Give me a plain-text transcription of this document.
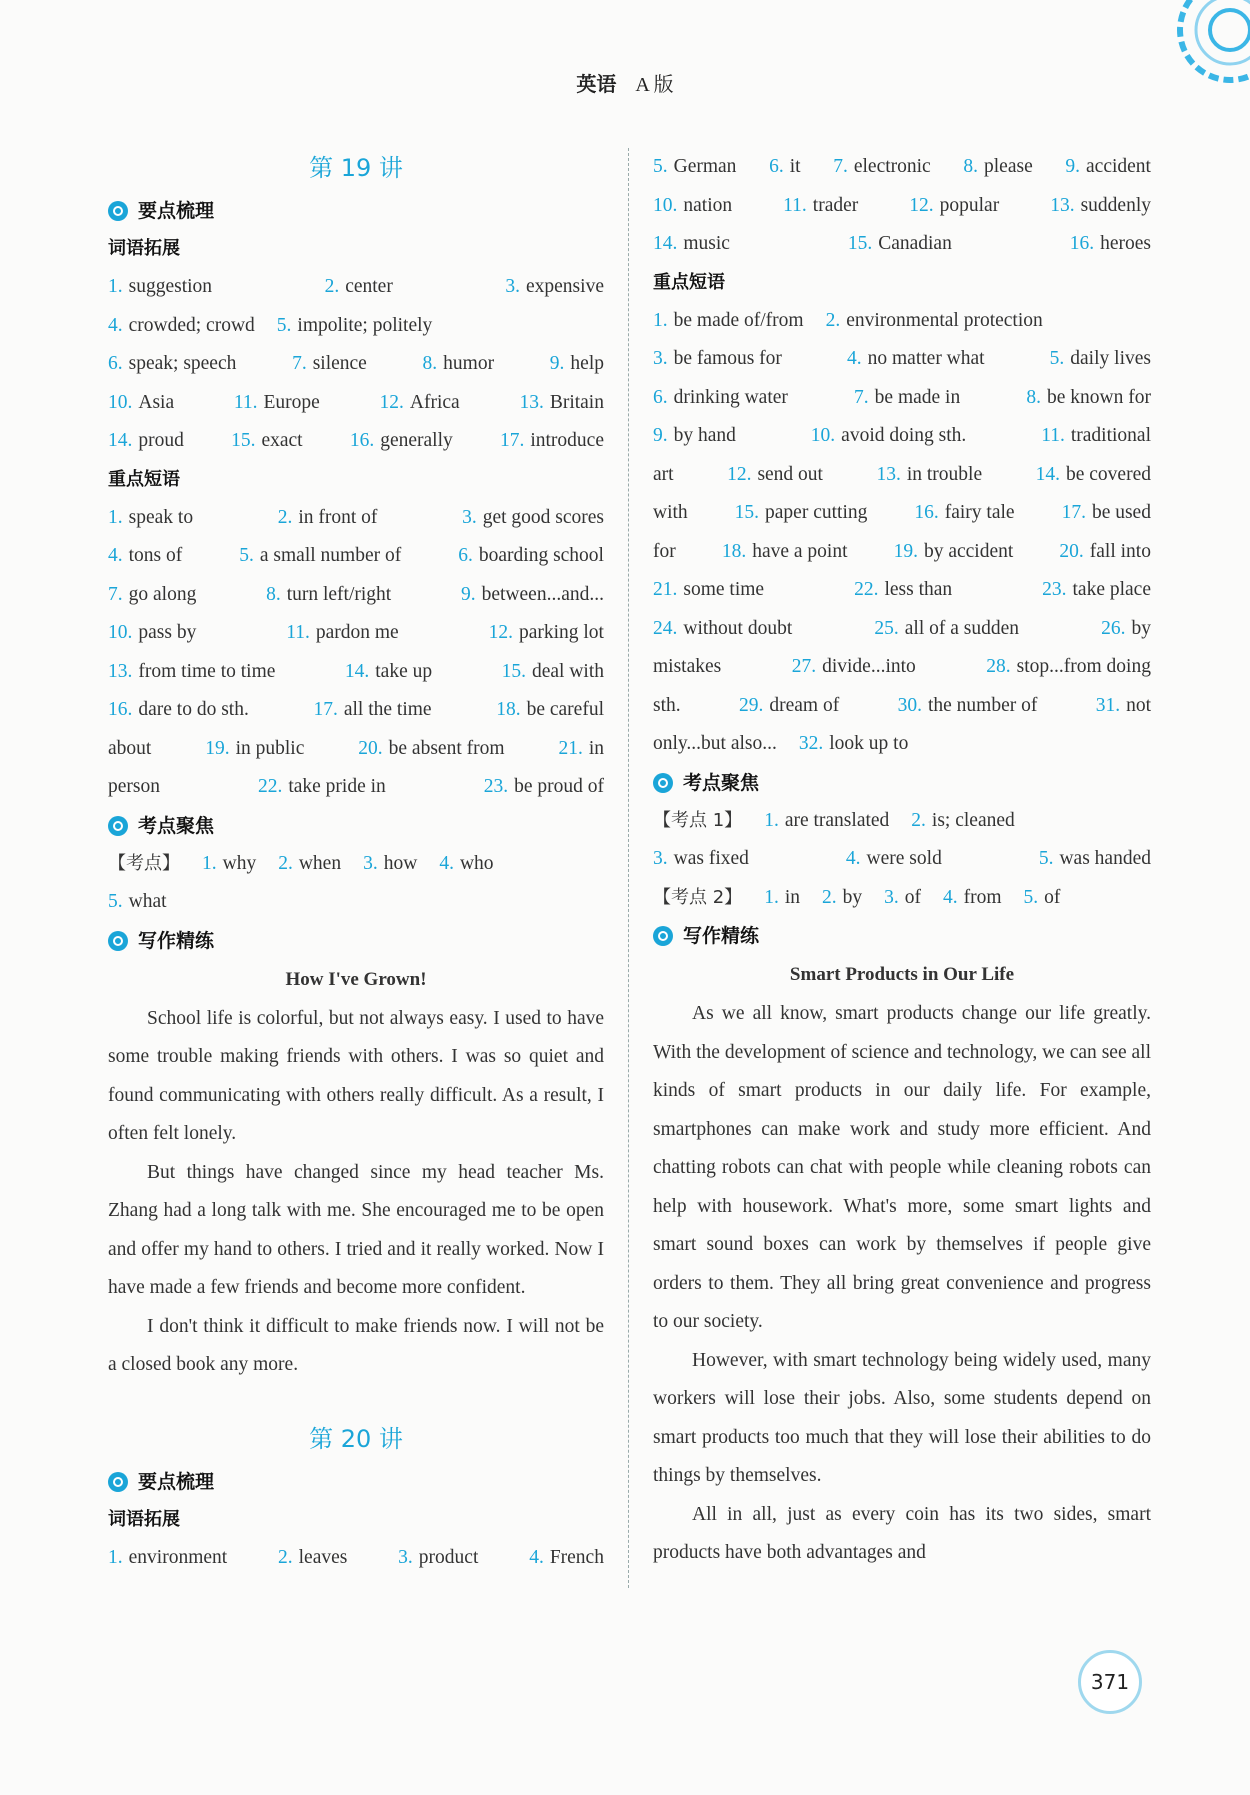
英语 A 版
第 19 讲
要点梳理
词语拓展
1. suggestion	2. center	3. expensive
4. crowded; crowd 5. impolite; politely
6. speak; speech	7. silence	8. humor	9. help
10. Asia	11. Europe	12. Africa	13. Britain
14. proud 15. exact 16. generally 17. introduce
重点短语
1. speak to	2. in front of	3. get good scores
4. tons of	5. a small number of	6. boarding school
7. go along	8. turn left/right	9. between...and...
10. pass by	11. pardon me	12. parking lot
13. from time to time	14. take up	15. deal with
16. dare to do sth.	17. all the time	18. be careful
about	19. in public	20. be absent from	21. in
person	22. take pride in	23. be proud of
考点聚焦
【考点】 1. why 2. when 3. how 4. who
5. what
写作精练
How I've Grown!

School life is colorful, but not always easy. I used to have some trouble making friends with others. I was so quiet and found communicating with others really difficult. As a result, I often felt lonely.

But things have changed since my head teacher Ms. Zhang had a long talk with me. She encouraged me to be open and offer my hand to others. I tried and it really worked. Now I have made a few friends and become more confident.

I don't think it difficult to make friends now. I will not be a closed book any more.

第 20 讲
要点梳理
词语拓展
1. environment	2. leaves	3. product	4. French
5. German 6. it 7. electronic 8. please 9. accident
10. nation	11. trader	12. popular	13. suddenly
14. music	15. Canadian	16. heroes
重点短语
1. be made of/from 2. environmental protection
3. be famous for	4. no matter what	5. daily lives
6. drinking water	7. be made in	8. be known for
9. by hand	10. avoid doing sth.	11. traditional
art	12. send out	13. in trouble	14. be covered
with 15. paper cutting 16. fairy tale 17. be used
for 18. have a point 19. by accident 20. fall into
21. some time	22. less than	23. take place
24. without doubt	25. all of a sudden	26. by
mistakes	27. divide...into	28. stop...from doing
sth.	29. dream of	30. the number of	31. not
only...but also... 32. look up to
考点聚焦
【考点 1】 1. are translated 2. is; cleaned
3. was fixed	4. were sold	5. was handed
【考点 2】 1. in 2. by 3. of 4. from 5. of
写作精练
Smart Products in Our Life

As we all know, smart products change our life greatly. With the development of science and technology, we can see all kinds of smart products in our daily life. For example, smartphones can make work and study more efficient. And chatting robots can chat with people while cleaning robots can help with housework. What's more, some smart lights and smart sound boxes can work by themselves if people give orders to them. They all bring great convenience and progress to our society.

However, with smart technology being widely used, many workers will lose their jobs. Also, some students depend on smart products too much that they will lose their abilities to do things by themselves.

All in all, just as every coin has its two sides, smart products have both advantages and

371
